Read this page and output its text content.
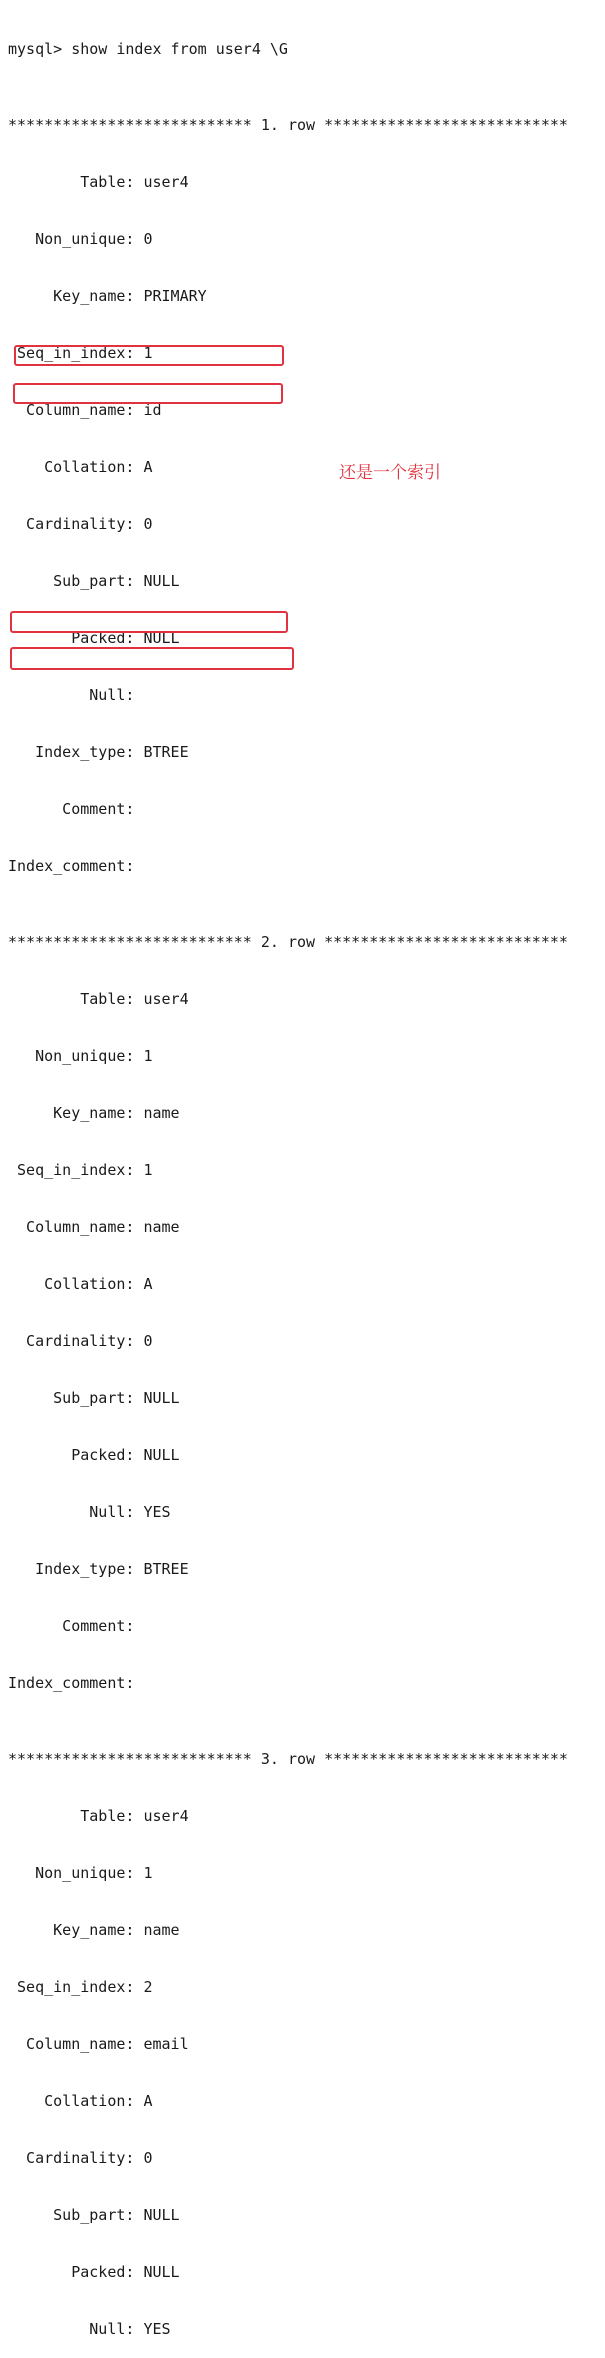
mysql> show index from user4 \G

*************************** 1. row ***************************

Table: user4

Non_unique: 0

Key_name: PRIMARY

Seq_in_index: 1

Column_name: id

Collation: A

Cardinality: 0

Sub_part: NULL

Packed: NULL

Null:

Index_type: BTREE

Comment:

Index_comment:

*************************** 2. row ***************************

Table: user4

Non_unique: 1

Key_name: name

Seq_in_index: 1

Column_name: name

Collation: A

Cardinality: 0

Sub_part: NULL

Packed: NULL

Null: YES

Index_type: BTREE

Comment:

Index_comment:

*************************** 3. row ***************************

Table: user4

Non_unique: 1

Key_name: name

Seq_in_index: 2

Column_name: email

Collation: A

Cardinality: 0

Sub_part: NULL

Packed: NULL

Null: YES

还是一个索引
